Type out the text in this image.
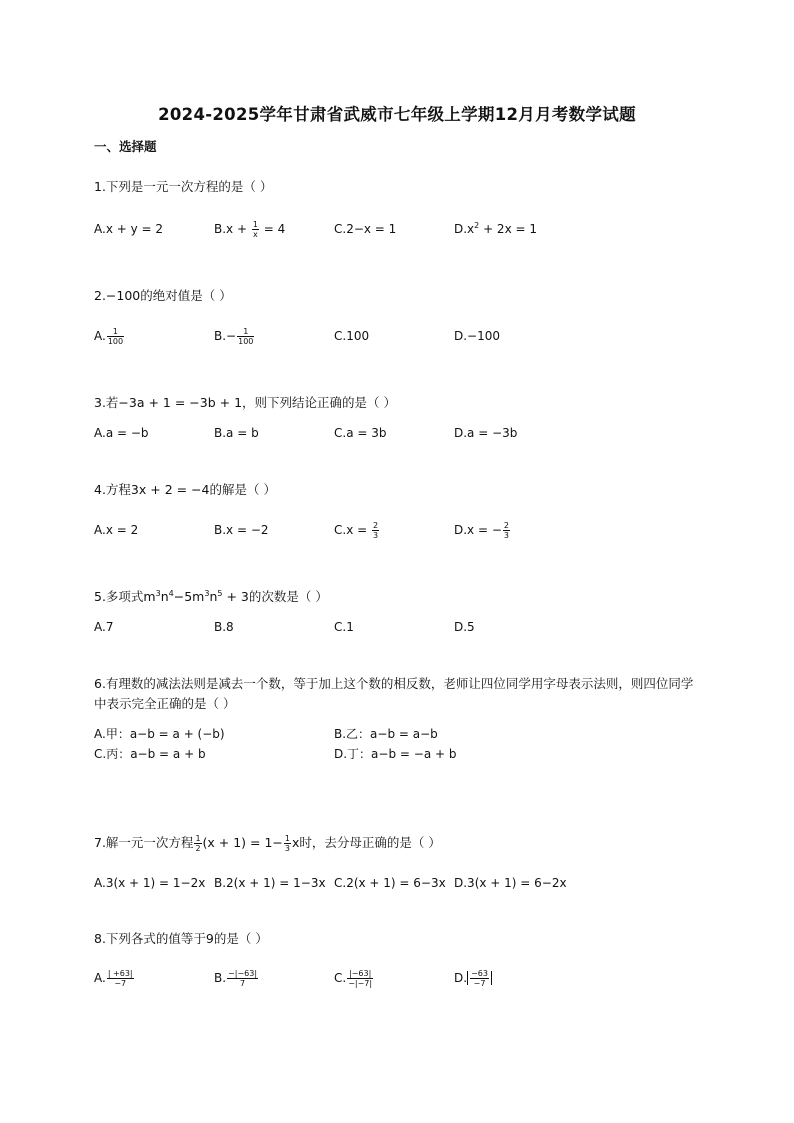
2024-2025学年甘肃省武威市七年级上学期12月月考数学试题
一、选择题
1.下列是一元一次方程的是（ ）
A.x + y = 2	$B.x + \frac{1}{x} = 4$	C.2−x = 1	$D.x^2 + 2x = 1$
2.−100的绝对值是（ ）
A. $\frac{1}{100}$	$B.- \frac{1}{100}$	C.100	D.−100
3.若−3a + 1 = −3b + 1，则下列结论正确的是（ ）
A.a = −b	B.a = b	C.a = 3b	D.a = −3b
4.方程3x + 2 = −4的解是（ ）
A.x = 2	B.x = −2	$C.x = \frac{2}{3}$	D.x = − $\frac{2}{3}$
5.多项式$m^3n^4-5m^3n^5 + 3$的次数是（ ）
A.7	B.8	C.1	D.5
6.有理数的减法法则是减去一个数，等于加上这个数的相反数，老师让四位同学用字母表示法则，则四位同学中表示完全正确的是（ ）
A.甲：a−b = a + (−b)	B.乙：a−b = a−b
C.丙：a−b = a + b	D.丁：a−b = −a + b
7.解一元一次方程 $\frac{1}{2} (x + 1) = 1- \frac{1}{3}$ x时，去分母正确的是（ ）
A.3(x + 1) = 1−2x B.2(x + 1) = 1−3x C.2(x + 1) = 6−3x D.3(x + 1) = 6−2x
8.下列各式的值等于9的是（ ）
A. $\frac{| +63|}{-7}$	B. $\frac{-|-63|}{7}$	C. $\frac{|-63|}{-|-7|}$	D. $\frac{-63}{-7}$
